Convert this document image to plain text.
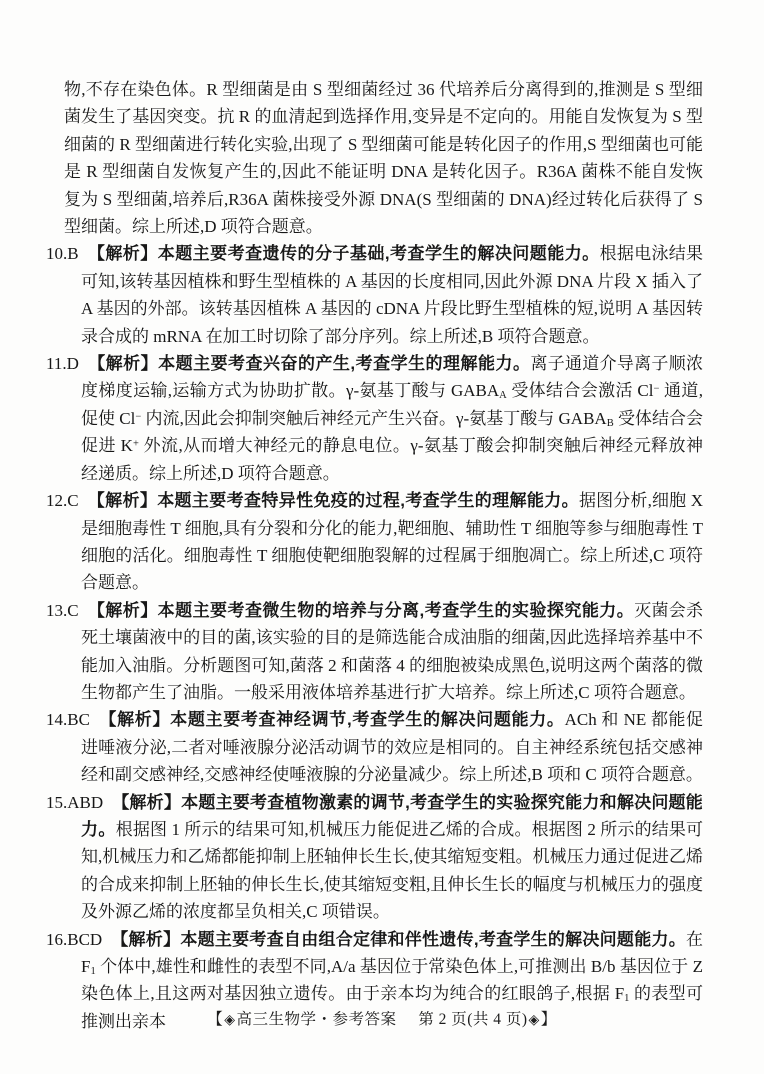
物,不存在染色体。R 型细菌是由 S 型细菌经过 36 代培养后分离得到的,推测是 S 型细菌发生了基因突变。抗 R 的血清起到选择作用,变异是不定向的。用能自发恢复为 S 型细菌的 R 型细菌进行转化实验,出现了 S 型细菌可能是转化因子的作用,S 型细菌也可能是 R 型细菌自发恢复产生的,因此不能证明 DNA 是转化因子。R36A 菌株不能自发恢复为 S 型细菌,培养后,R36A 菌株接受外源 DNA(S 型细菌的 DNA)经过转化后获得了 S 型细菌。综上所述,D 项符合题意。

10.B 【解析】本题主要考查遗传的分子基础,考查学生的解决问题能力。根据电泳结果可知,该转基因植株和野生型植株的 A 基因的长度相同,因此外源 DNA 片段 X 插入了 A 基因的外部。该转基因植株 A 基因的 cDNA 片段比野生型植株的短,说明 A 基因转录合成的 mRNA 在加工时切除了部分序列。综上所述,B 项符合题意。

11.D 【解析】本题主要考查兴奋的产生,考查学生的理解能力。离子通道介导离子顺浓度梯度运输,运输方式为协助扩散。γ-氨基丁酸与 $GABA_A$ 受体结合会激活 Cl− 通道,促使 Cl− 内流,因此会抑制突触后神经元产生兴奋。γ-氨基丁酸与 $GABA_B$ 受体结合会促进 K+ 外流,从而增大神经元的静息电位。γ-氨基丁酸会抑制突触后神经元释放神经递质。综上所述,D 项符合题意。

12.C 【解析】本题主要考查特异性免疫的过程,考查学生的理解能力。据图分析,细胞 X 是细胞毒性 T 细胞,具有分裂和分化的能力,靶细胞、辅助性 T 细胞等参与细胞毒性 T 细胞的活化。细胞毒性 T 细胞使靶细胞裂解的过程属于细胞凋亡。综上所述,C 项符合题意。

13.C 【解析】本题主要考查微生物的培养与分离,考查学生的实验探究能力。灭菌会杀死土壤菌液中的目的菌,该实验的目的是筛选能合成油脂的细菌,因此选择培养基中不能加入油脂。分析题图可知,菌落 2 和菌落 4 的细胞被染成黑色,说明这两个菌落的微生物都产生了油脂。一般采用液体培养基进行扩大培养。综上所述,C 项符合题意。

14.BC 【解析】本题主要考查神经调节,考查学生的解决问题能力。ACh 和 NE 都能促进唾液分泌,二者对唾液腺分泌活动调节的效应是相同的。自主神经系统包括交感神经和副交感神经,交感神经使唾液腺的分泌量减少。综上所述,B 项和 C 项符合题意。

15.ABD 【解析】本题主要考查植物激素的调节,考查学生的实验探究能力和解决问题能力。根据图 1 所示的结果可知,机械压力能促进乙烯的合成。根据图 2 所示的结果可知,机械压力和乙烯都能抑制上胚轴伸长生长,使其缩短变粗。机械压力通过促进乙烯的合成来抑制上胚轴的伸长生长,使其缩短变粗,且伸长生长的幅度与机械压力的强度及外源乙烯的浓度都呈负相关,C 项错误。

16.BCD 【解析】本题主要考查自由组合定律和伴性遗传,考查学生的解决问题能力。在 $F_1$ 个体中,雄性和雌性的表型不同,A/a 基因位于常染色体上,可推测出 B/b 基因位于 Z 染色体上,且这两对基因独立遗传。由于亲本均为纯合的红眼鸽子,根据 $F_1$ 的表型可推测出亲本	【◈高三生物学・参考答案 第 2 页(共 4 页)◈】
